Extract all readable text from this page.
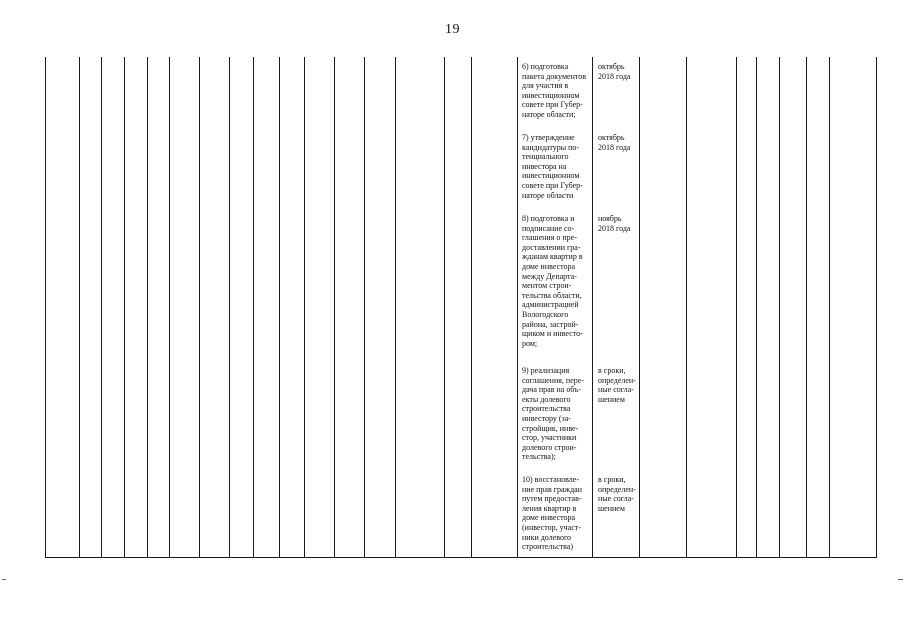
19
6) подготовка
пакета документов
для участия в
инвестиционном
совете при Губер-
наторе области;
октябрь
2018 года
7) утверждение
кандидатуры по-
тенциального
инвестора на
инвестиционном
совете при Губер-
наторе области
октябрь
2018 года
8) подготовка и
подписание со-
глашения о пре-
доставлении гра-
жданам квартир в
доме инвестора
между Департа-
ментом строи-
тельства области,
администрацией
Вологодского
района, застрой-
щиком и инвесто-
ром;
ноябрь
2018 года
9) реализация
соглашения, пере-
дача прав на объ-
екты долевого
строительства
инвестору (за-
стройщик, инве-
стор, участники
долевого строи-
тельства);
в сроки,
определен-
ные согла-
шением
10) восстановле-
ние прав граждан
путем предостав-
ления квартир в
доме инвестора
(инвестор, участ-
ники долевого
строительства)
в сроки,
определен-
ные согла-
шением
